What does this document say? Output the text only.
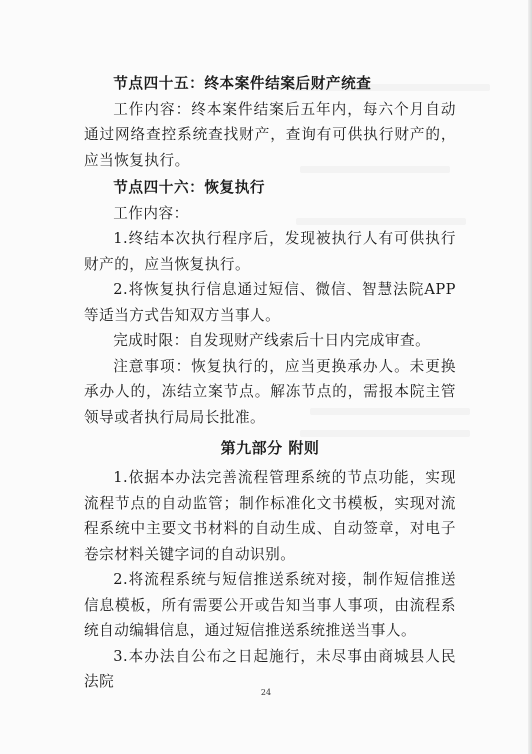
节点四十五：终本案件结案后财产统查

工作内容：终本案件结案后五年内，每六个月自动通过网络查控系统查找财产，查询有可供执行财产的，应当恢复执行。

节点四十六：恢复执行

工作内容：

1.终结本次执行程序后，发现被执行人有可供执行财产的，应当恢复执行。

2.将恢复执行信息通过短信、微信、智慧法院APP等适当方式告知双方当事人。

完成时限：自发现财产线索后十日内完成审查。

注意事项：恢复执行的，应当更换承办人。未更换承办人的，冻结立案节点。解冻节点的，需报本院主管领导或者执行局局长批准。

第九部分 附则

1.依据本办法完善流程管理系统的节点功能，实现流程节点的自动监管；制作标准化文书模板，实现对流程系统中主要文书材料的自动生成、自动签章，对电子卷宗材料关键字词的自动识别。

2.将流程系统与短信推送系统对接，制作短信推送信息模板，所有需要公开或告知当事人事项，由流程系统自动编辑信息，通过短信推送系统推送当事人。

3.本办法自公布之日起施行，未尽事由商城县人民法院

24
